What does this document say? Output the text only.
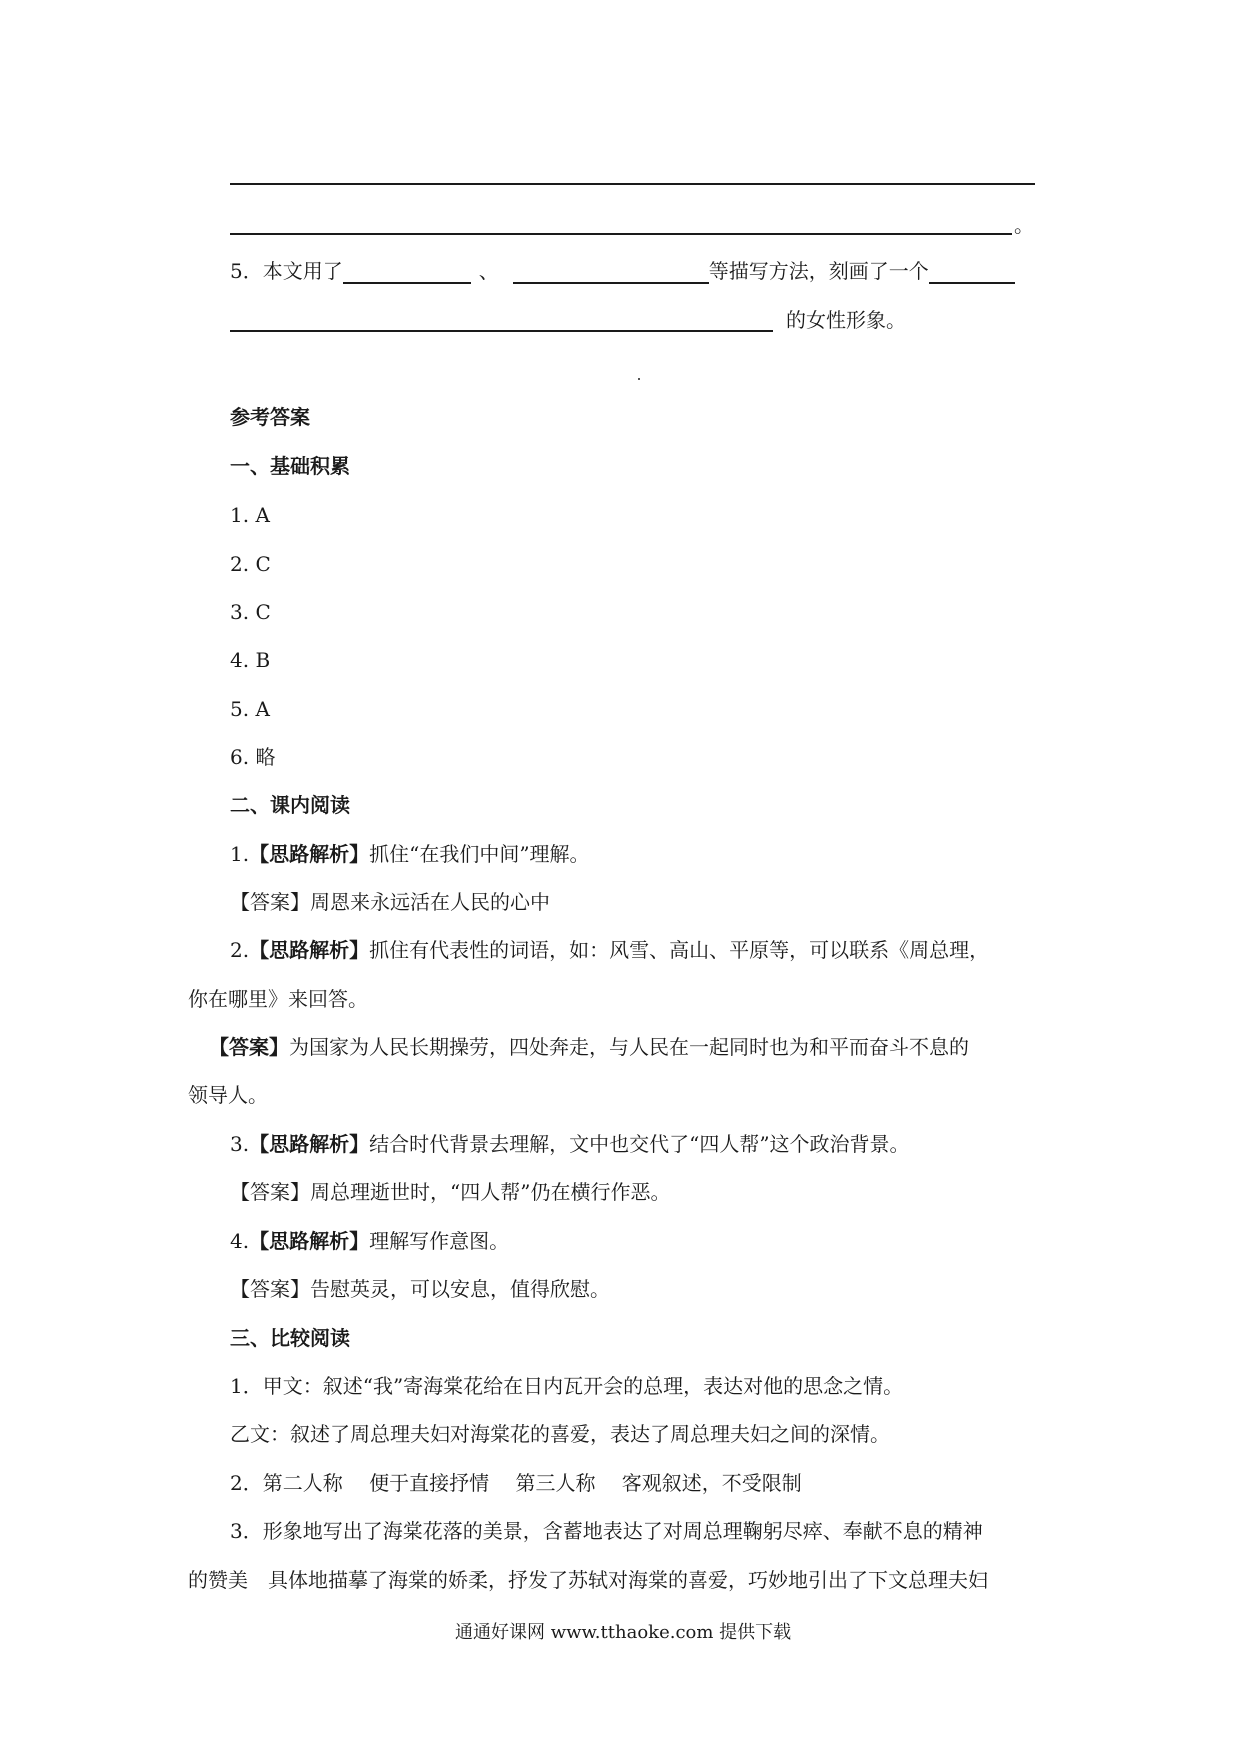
。
5．本文用了	、	等描写方法，刻画了一个
的女性形象。
参考答案
一、基础积累
1. A
2. C
3. C
4. B
5. A
6. 略
二、课内阅读
1.【思路解析】抓住“在我们中间”理解。
【答案】周恩来永远活在人民的心中
2.【思路解析】抓住有代表性的词语，如：风雪、高山、平原等，可以联系《周总理，
你在哪里》来回答。
【答案】为国家为人民长期操劳，四处奔走，与人民在一起同时也为和平而奋斗不息的
领导人。
3.【思路解析】结合时代背景去理解，文中也交代了“四人帮”这个政治背景。
【答案】周总理逝世时，“四人帮”仍在横行作恶。
4.【思路解析】理解写作意图。
【答案】告慰英灵，可以安息，值得欣慰。
三、比较阅读
1．甲文：叙述“我”寄海棠花给在日内瓦开会的总理，表达对他的思念之情。
乙文：叙述了周总理夫妇对海棠花的喜爱，表达了周总理夫妇之间的深情。
2．第二人称　 便于直接抒情　 第三人称　 客观叙述，不受限制
3．形象地写出了海棠花落的美景，含蓄地表达了对周总理鞠躬尽瘁、奉献不息的精神
的赞美　具体地描摹了海棠的娇柔，抒发了苏轼对海棠的喜爱，巧妙地引出了下文总理夫妇
通通好课网 www.tthaoke.com 提供下载
